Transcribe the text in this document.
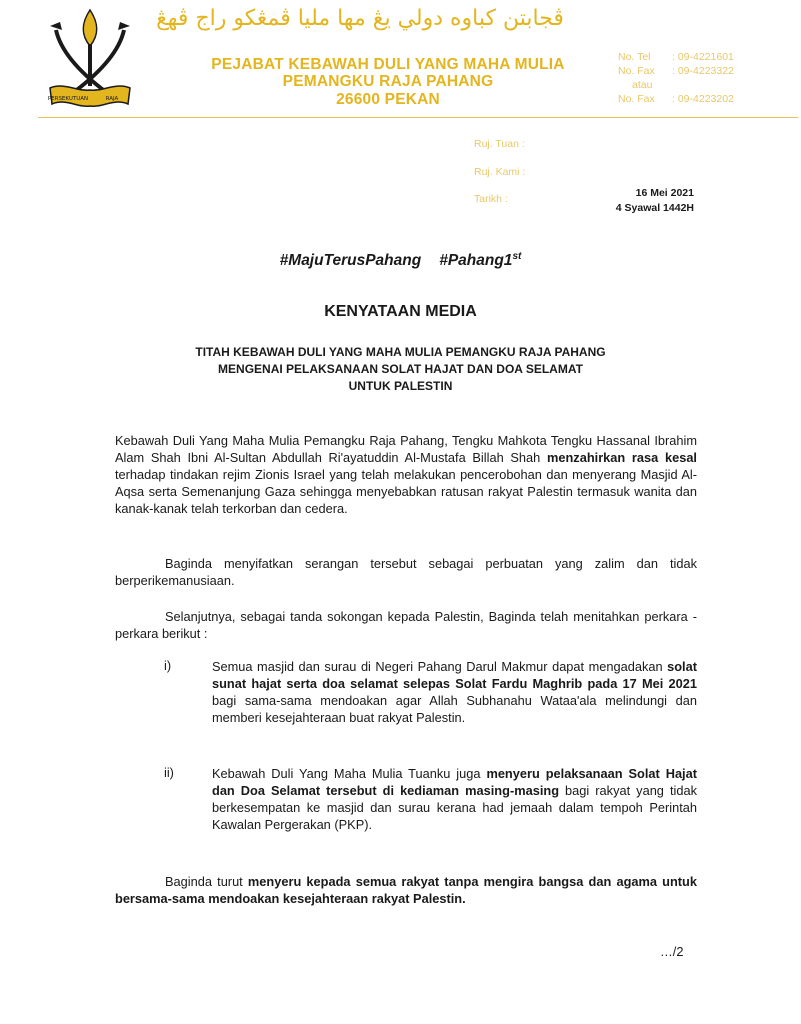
PERSEKUTUAN	RAJA
ڤجابتن کباوه دولي يڠ مها مليا ڤمڠکو راج ڤهڠ
PEJABAT KEBAWAH DULI YANG MAHA MULIA
PEMANGKU RAJA PAHANG
26600 PEKAN
No. Tel	: 09-4221601
No. Fax	: 09-4223322
atau
No. Fax	: 09-4223202
Ruj. Tuan :
Ruj. Kami :
Tarikh :	16 Mei 2021
4 Syawal 1442H
#MajuTerusPahang #Pahang1st
KENYATAAN MEDIA
TITAH KEBAWAH DULI YANG MAHA MULIA PEMANGKU RAJA PAHANG
MENGENAI PELAKSANAAN SOLAT HAJAT DAN DOA SELAMAT
UNTUK PALESTIN
Kebawah Duli Yang Maha Mulia Pemangku Raja Pahang, Tengku Mahkota Tengku Hassanal Ibrahim Alam Shah Ibni Al-Sultan Abdullah Ri'ayatuddin Al-Mustafa Billah Shah menzahirkan rasa kesal terhadap tindakan rejim Zionis Israel yang telah melakukan pencerobohan dan menyerang Masjid Al-Aqsa serta Semenanjung Gaza sehingga menyebabkan ratusan rakyat Palestin termasuk wanita dan kanak-kanak telah terkorban dan cedera.
Baginda menyifatkan serangan tersebut sebagai perbuatan yang zalim dan tidak berperikemanusiaan.
Selanjutnya, sebagai tanda sokongan kepada Palestin, Baginda telah menitahkan perkara - perkara berikut :
i)	Semua masjid dan surau di Negeri Pahang Darul Makmur dapat mengadakan solat sunat hajat serta doa selamat selepas Solat Fardu Maghrib pada 17 Mei 2021 bagi sama-sama mendoakan agar Allah Subhanahu Wataa'ala melindungi dan memberi kesejahteraan buat rakyat Palestin.
ii)	Kebawah Duli Yang Maha Mulia Tuanku juga menyeru pelaksanaan Solat Hajat dan Doa Selamat tersebut di kediaman masing-masing bagi rakyat yang tidak berkesempatan ke masjid dan surau kerana had jemaah dalam tempoh Perintah Kawalan Pergerakan (PKP).
Baginda turut menyeru kepada semua rakyat tanpa mengira bangsa dan agama untuk bersama-sama mendoakan kesejahteraan rakyat Palestin.
…/2
